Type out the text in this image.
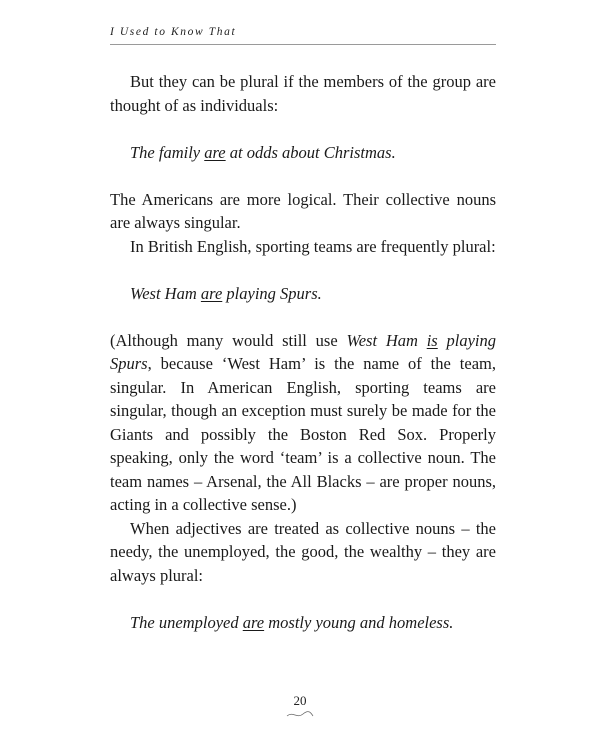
I Used to Know That

But they can be plural if the members of the group are thought of as individuals:

The family are at odds about Christmas.

The Americans are more logical. Their collective nouns are always singular.

In British English, sporting teams are frequently plural:

West Ham are playing Spurs.

(Although many would still use West Ham is playing Spurs, because ‘West Ham’ is the name of the team, singular. In American English, sporting teams are singular, though an exception must surely be made for the Giants and possibly the Boston Red Sox. Properly speaking, only the word ‘team’ is a collective noun. The team names – Arsenal, the All Blacks – are proper nouns, acting in a collective sense.)

When adjectives are treated as collective nouns – the needy, the unemployed, the good, the wealthy – they are always plural:

The unemployed are mostly young and homeless.

20
